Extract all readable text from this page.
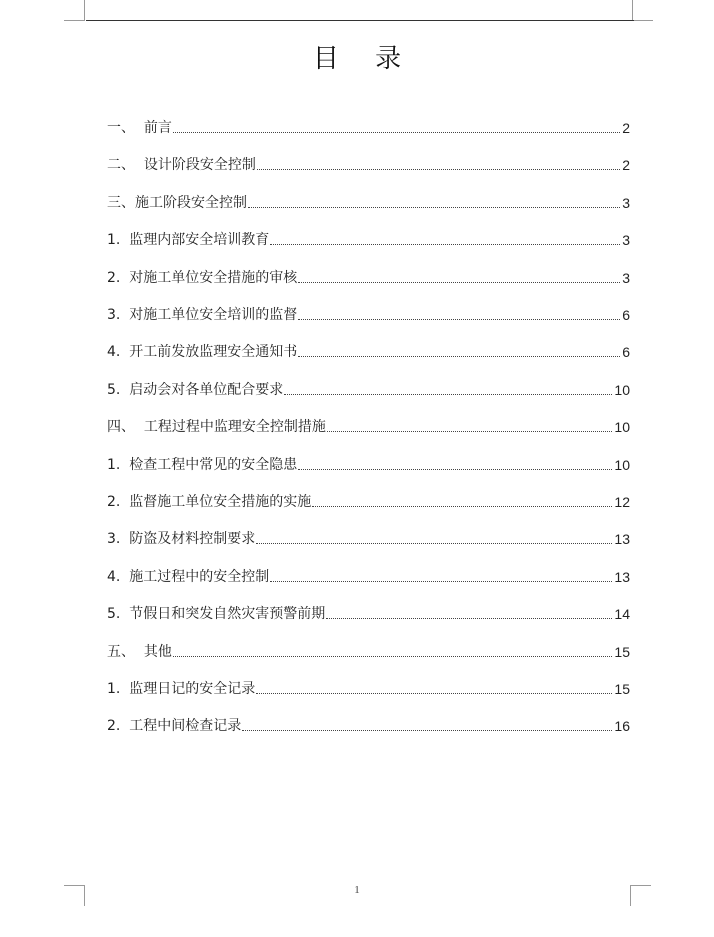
目 录
一、 前言	2
二、 设计阶段安全控制	2
三、 施工阶段安全控制	3
1. 监理内部安全培训教育	3
2. 对施工单位安全措施的审核	3
3. 对施工单位安全培训的监督	6
4. 开工前发放监理安全通知书	6
5. 启动会对各单位配合要求	10
四、 工程过程中监理安全控制措施	10
1. 检查工程中常见的安全隐患	10
2. 监督施工单位安全措施的实施	12
3. 防盗及材料控制要求	13
4. 施工过程中的安全控制	13
5. 节假日和突发自然灾害预警前期	14
五、 其他	15
1. 监理日记的安全记录	15
2. 工程中间检查记录	16
1
